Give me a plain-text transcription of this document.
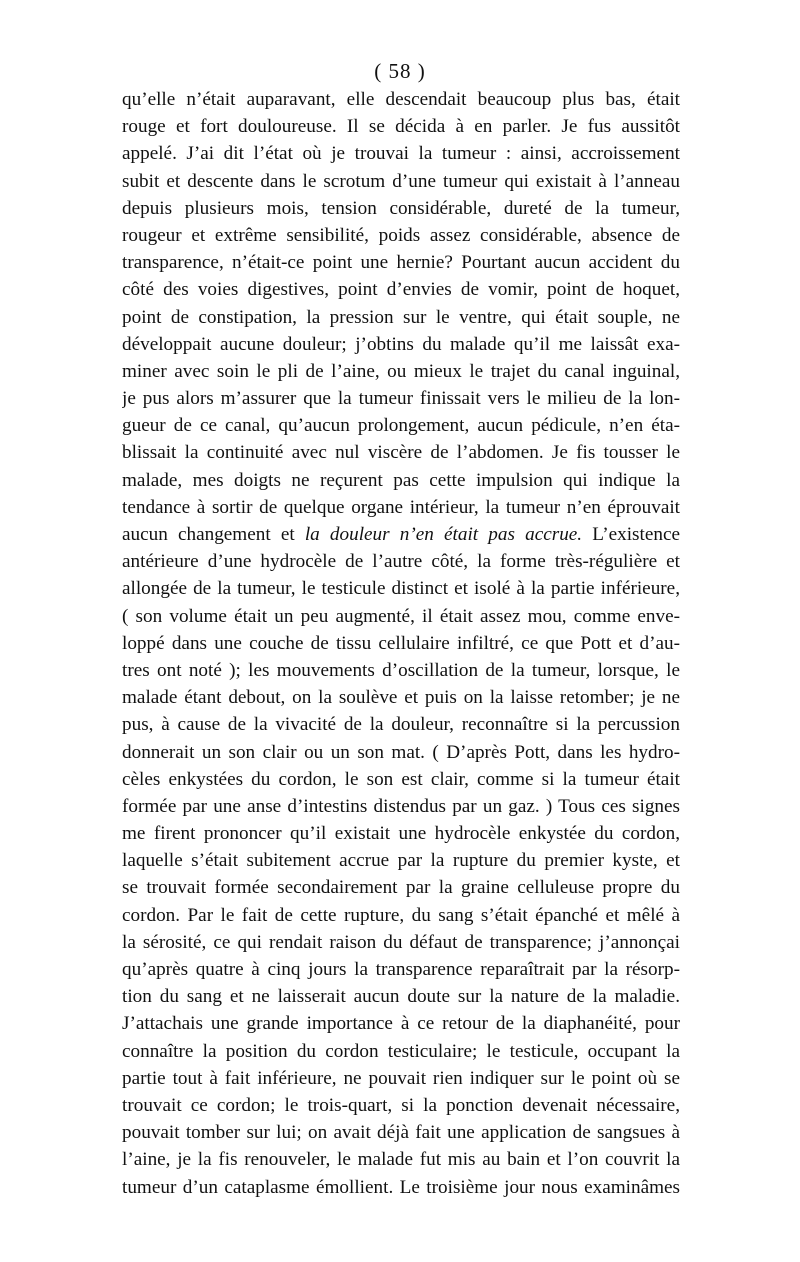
( 58 )
qu’elle n’était auparavant, elle descendait beaucoup plus bas, était
rouge et fort douloureuse. Il se décida à en parler. Je fus aussitôt
appelé. J’ai dit l’état où je trouvai la tumeur : ainsi, accroissement
subit et descente dans le scrotum d’une tumeur qui existait à l’anneau
depuis plusieurs mois, tension considérable, dureté de la tumeur,
rougeur et extrême sensibilité, poids assez considérable, absence de
transparence, n’était-ce point une hernie? Pourtant aucun accident du
côté des voies digestives, point d’envies de vomir, point de hoquet,
point de constipation, la pression sur le ventre, qui était souple, ne
développait aucune douleur; j’obtins du malade qu’il me laissât exa-
miner avec soin le pli de l’aine, ou mieux le trajet du canal inguinal,
je pus alors m’assurer que la tumeur finissait vers le milieu de la lon-
gueur de ce canal, qu’aucun prolongement, aucun pédicule, n’en éta-
blissait la continuité avec nul viscère de l’abdomen. Je fis tousser le
malade, mes doigts ne reçurent pas cette impulsion qui indique la
tendance à sortir de quelque organe intérieur, la tumeur n’en éprouvait
aucun changement et la douleur n’en était pas accrue. L’existence
antérieure d’une hydrocèle de l’autre côté, la forme très-régulière et
allongée de la tumeur, le testicule distinct et isolé à la partie inférieure,
( son volume était un peu augmenté, il était assez mou, comme enve-
loppé dans une couche de tissu cellulaire infiltré, ce que Pott et d’au-
tres ont noté ); les mouvements d’oscillation de la tumeur, lorsque, le
malade étant debout, on la soulève et puis on la laisse retomber; je ne
pus, à cause de la vivacité de la douleur, reconnaître si la percussion
donnerait un son clair ou un son mat. ( D’après Pott, dans les hydro-
cèles enkystées du cordon, le son est clair, comme si la tumeur était
formée par une anse d’intestins distendus par un gaz. ) Tous ces signes
me firent prononcer qu’il existait une hydrocèle enkystée du cordon,
laquelle s’était subitement accrue par la rupture du premier kyste, et
se trouvait formée secondairement par la graine celluleuse propre du
cordon. Par le fait de cette rupture, du sang s’était épanché et mêlé à
la sérosité, ce qui rendait raison du défaut de transparence; j’annonçai
qu’après quatre à cinq jours la transparence reparaîtrait par la résorp-
tion du sang et ne laisserait aucun doute sur la nature de la maladie.
J’attachais une grande importance à ce retour de la diaphanéité, pour
connaître la position du cordon testiculaire; le testicule, occupant la
partie tout à fait inférieure, ne pouvait rien indiquer sur le point où se
trouvait ce cordon; le trois-quart, si la ponction devenait nécessaire,
pouvait tomber sur lui; on avait déjà fait une application de sangsues à
l’aine, je la fis renouveler, le malade fut mis au bain et l’on couvrit la
tumeur d’un cataplasme émollient. Le troisième jour nous examinâmes
